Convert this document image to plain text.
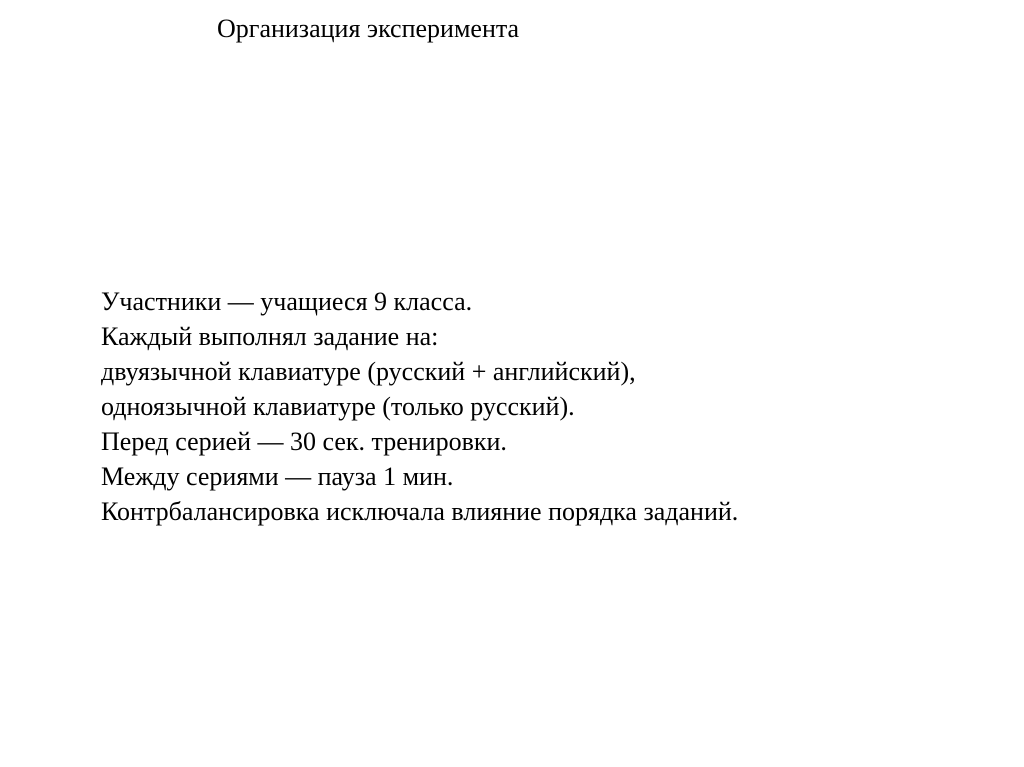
Организация эксперимента
Участники — учащиеся 9 класса.
Каждый выполнял задание на:
двуязычной клавиатуре (русский + английский),
одноязычной клавиатуре (только русский).
Перед серией — 30 сек. тренировки.
Между сериями — пауза 1 мин.
Контрбалансировка исключала влияние порядка заданий.
